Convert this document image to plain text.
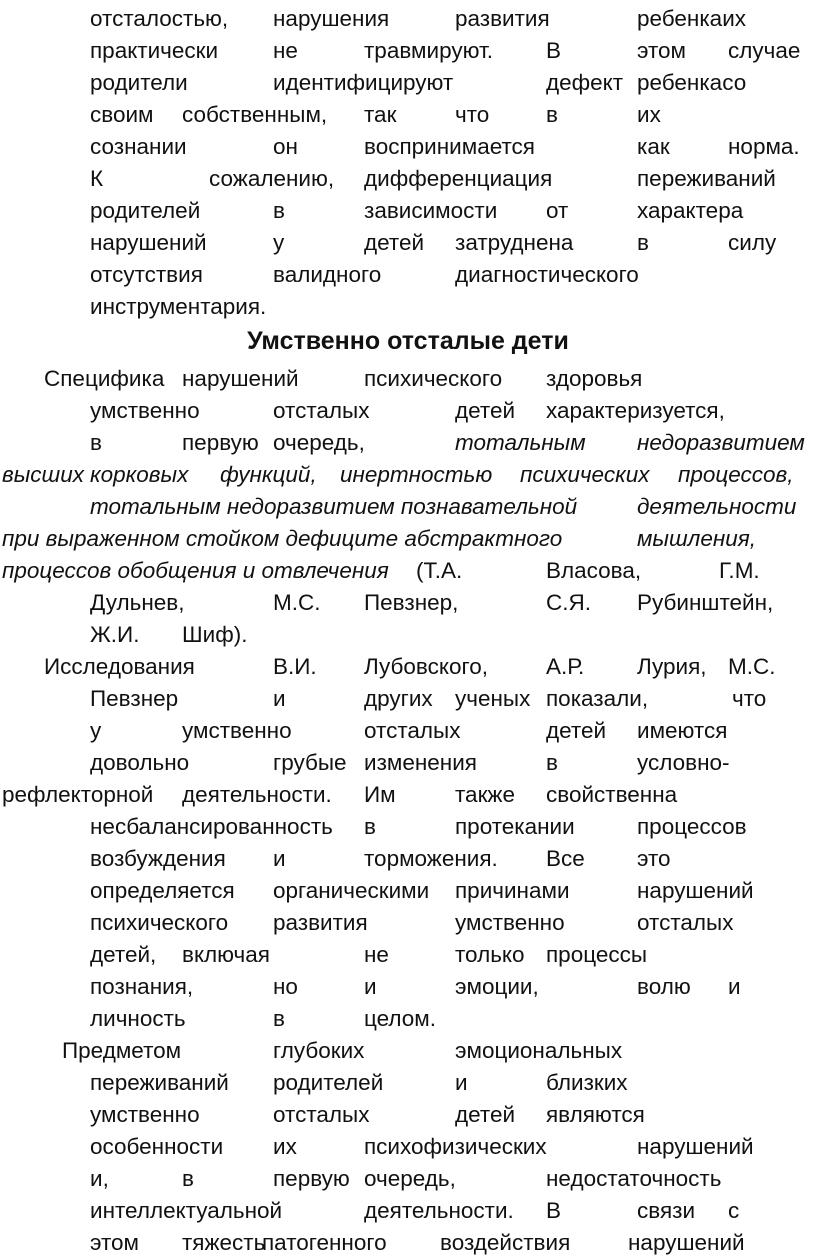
отсталостью, нарушения	развития	ребенкаих
практически не	травмируют. В	этом случае
родители	идентифицируют	дефект ребенкасо
своим собственным, так	что	в	их
сознании	он	воспринимается	как	норма.
К	сожалению, дифференциация	переживаний
родителей	в	зависимости от	характера
нарушений	у	детей затруднена	в	силу
отсутствия	валидного	диагностического
инструментария.
Умственно отсталые дети
Специфика нарушений	психического здоровья
умственно	отсталых	детей характеризуется,
в	первую очередь,	тотальным недоразвитием
высших корковых функций, инертностью психических процессов,
тотальным недоразвитием познавательной	деятельности
при выраженном стойком дефиците абстрактного	мышления,
процессов обобщения и отвлечения (Т.А.	Власова,	Г.М.
Дульнев,	М.С. Певзнер,	С.Я. Рубинштейн,
Ж.И. Шиф).
Исследования	В.И. Лубовского,	А.Р. Лурия, М.С.
Певзнер	и	других ученых показали,	что
у	умственно	отсталых	детей имеются
довольно	грубые изменения	в	условно-
рефлекторной деятельности. Им	также свойственна
несбалансированность в	протекании	процессов
возбуждения и	торможения. Все это
определяется органическими причинами	нарушений
психического развития	умственно	отсталых
детей, включая	не	только процессы
познания,	но	и	эмоции,	волю и
личность	в	целом.
Предметом	глубоких	эмоциональных
переживаний родителей	и	близких
умственно	отсталых	детей являются
особенности их	психофизических	нарушений
и,	в	первую очередь,	недостаточность
интеллектуальной	деятельности. В	связи с
этом тяжесть
патогенного воздействия	нарушений
